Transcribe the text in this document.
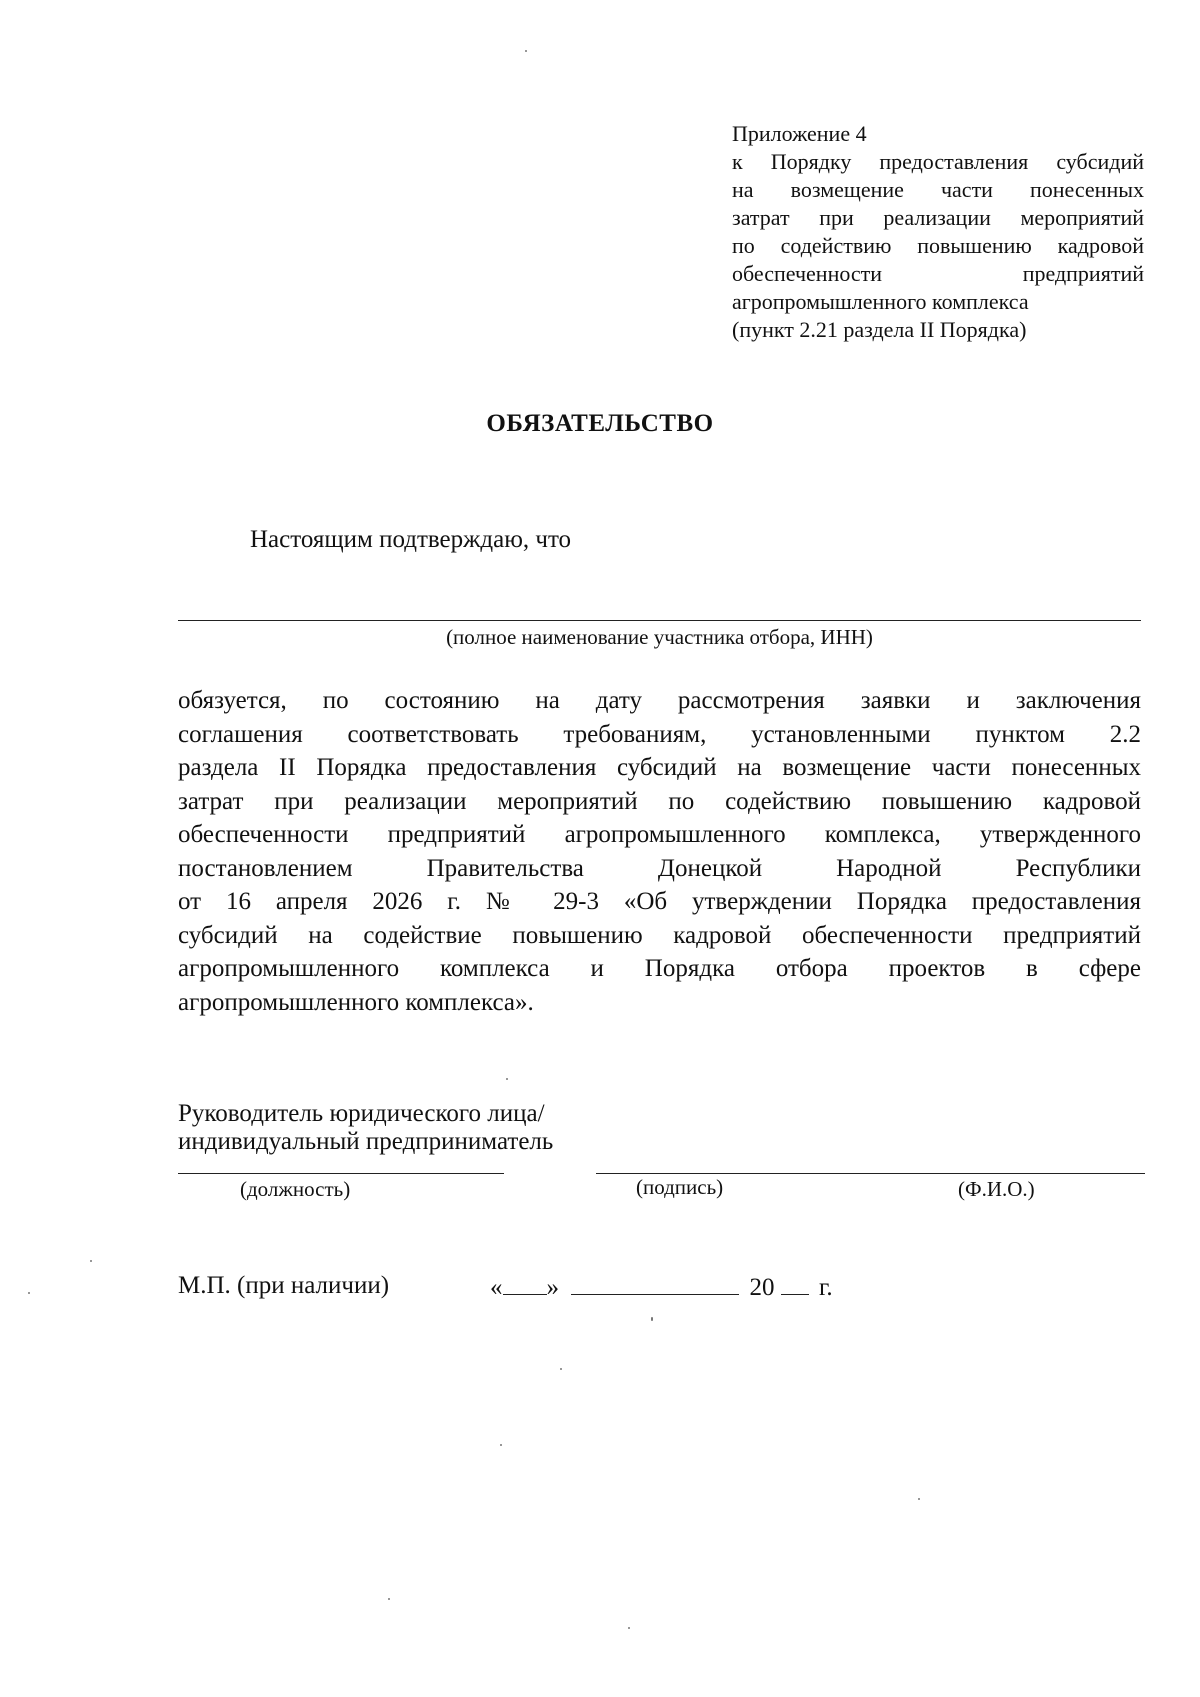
Приложение 4
к Порядку предоставления субсидий
на возмещение части понесенных
затрат при реализации мероприятий
по содействию повышению кадровой
обеспеченности предприятий
агропромышленного комплекса
(пункт 2.21 раздела II Порядка)
ОБЯЗАТЕЛЬСТВО
Настоящим подтверждаю, что
(полное наименование участника отбора, ИНН)
обязуется, по состоянию на дату рассмотрения заявки и заключения
соглашения соответствовать требованиям, установленными пунктом 2.2
раздела II Порядка предоставления субсидий на возмещение части понесенных
затрат при реализации мероприятий по содействию повышению кадровой
обеспеченности предприятий агропромышленного комплекса, утвержденного
постановлением Правительства Донецкой Народной Республики
от 16 апреля 2026 г. № 29-3 «Об утверждении Порядка предоставления
субсидий на содействие повышению кадровой обеспеченности предприятий
агропромышленного комплекса и Порядка отбора проектов в сфере
агропромышленного комплекса».
Руководитель юридического лица/
индивидуальный предприниматель
(должность)	(подпись)	(Ф.И.О.)
М.П. (при наличии)	« »	20 г.
